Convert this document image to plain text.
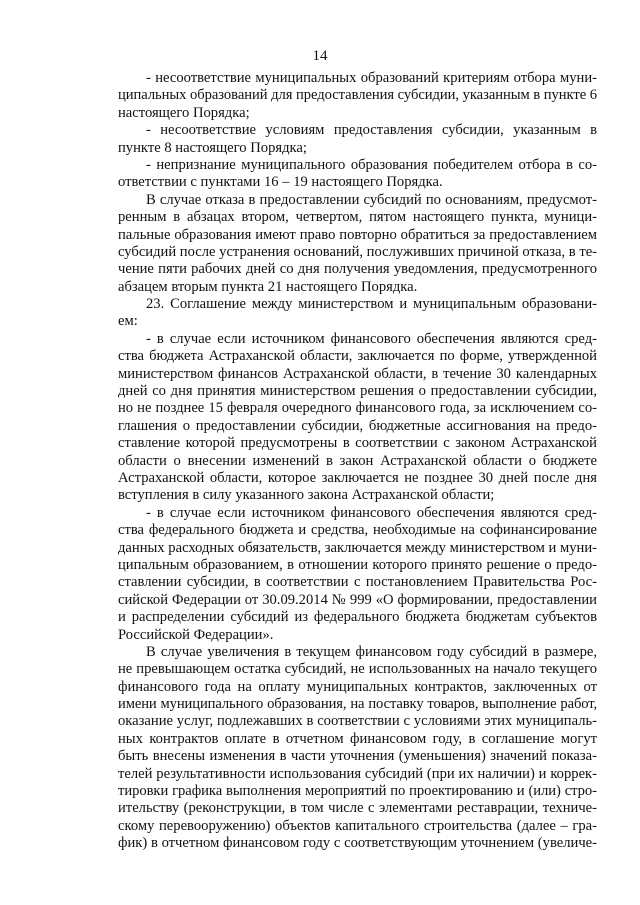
14
- несоответствие муниципальных образований критериям отбора муни-
ципальных образований для предоставления субсидии, указанным в пункте 6
настоящего Порядка;
- несоответствие условиям предоставления субсидии, указанным в
пункте 8 настоящего Порядка;
- непризнание муниципального образования победителем отбора в со-
ответствии с пунктами 16 – 19 настоящего Порядка.
В случае отказа в предоставлении субсидий по основаниям, предусмот-
ренным в абзацах втором, четвертом, пятом настоящего пункта, муници-
пальные образования имеют право повторно обратиться за предоставлением
субсидий после устранения оснований, послуживших причиной отказа, в те-
чение пяти рабочих дней со дня получения уведомления, предусмотренного
абзацем вторым пункта 21 настоящего Порядка.
23. Соглашение между министерством и муниципальным образовани-
ем:
- в случае если источником финансового обеспечения являются сред-
ства бюджета Астраханской области, заключается по форме, утвержденной
министерством финансов Астраханской области, в течение 30 календарных
дней со дня принятия министерством решения о предоставлении субсидии,
но не позднее 15 февраля очередного финансового года, за исключением со-
глашения о предоставлении субсидии, бюджетные ассигнования на предо-
ставление которой предусмотрены в соответствии с законом Астраханской
области о внесении изменений в закон Астраханской области о бюджете
Астраханской области, которое заключается не позднее 30 дней после дня
вступления в силу указанного закона Астраханской области;
- в случае если источником финансового обеспечения являются сред-
ства федерального бюджета и средства, необходимые на софинансирование
данных расходных обязательств, заключается между министерством и муни-
ципальным образованием, в отношении которого принято решение о предо-
ставлении субсидии, в соответствии с постановлением Правительства Рос-
сийской Федерации от 30.09.2014 № 999 «О формировании, предоставлении
и распределении субсидий из федерального бюджета бюджетам субъектов
Российской Федерации».
В случае увеличения в текущем финансовом году субсидий в размере,
не превышающем остатка субсидий, не использованных на начало текущего
финансового года на оплату муниципальных контрактов, заключенных от
имени муниципального образования, на поставку товаров, выполнение работ,
оказание услуг, подлежавших в соответствии с условиями этих муниципаль-
ных контрактов оплате в отчетном финансовом году, в соглашение могут
быть внесены изменения в части уточнения (уменьшения) значений показа-
телей результативности использования субсидий (при их наличии) и коррек-
тировки графика выполнения мероприятий по проектированию и (или) стро-
ительству (реконструкции, в том числе с элементами реставрации, техниче-
скому перевооружению) объектов капитального строительства (далее – гра-
фик) в отчетном финансовом году с соответствующим уточнением (увеличе-
